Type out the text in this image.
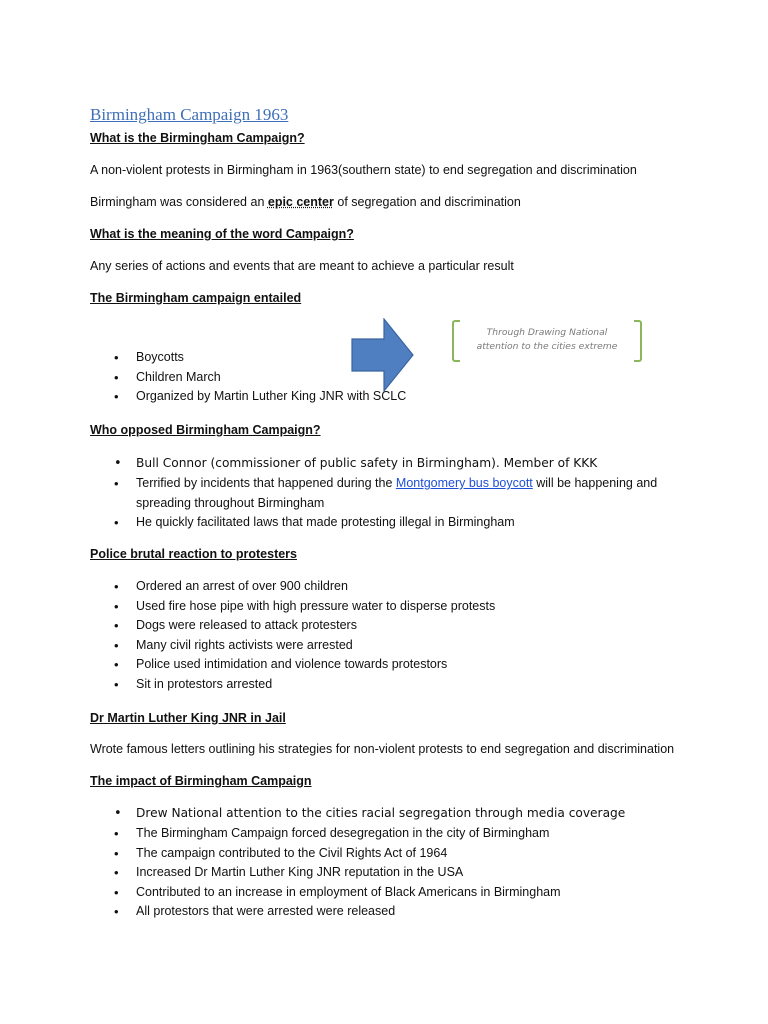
Birmingham Campaign 1963
What is the Birmingham Campaign?

A non-violent protests in Birmingham in 1963(southern state) to end segregation and discrimination

Birmingham was considered an epic center of segregation and discrimination

What is the meaning of the word Campaign?

Any series of actions and events that are meant to achieve a particular result

The Birmingham campaign entailed
• Boycotts
• Children March
• Organized by Martin Luther King JNR with SCLC
Through Drawing National attention to the cities extreme
Who opposed Birmingham Campaign?
• Bull Connor (commissioner of public safety in Birmingham). Member of KKK
• Terrified by incidents that happened during the Montgomery bus boycott will be happening and spreading throughout Birmingham
• He quickly facilitated laws that made protesting illegal in Birmingham
Police brutal reaction to protesters
• Ordered an arrest of over 900 children
• Used fire hose pipe with high pressure water to disperse protests
• Dogs were released to attack protesters
• Many civil rights activists were arrested
• Police used intimidation and violence towards protestors
• Sit in protestors arrested
Dr Martin Luther King JNR in Jail

Wrote famous letters outlining his strategies for non-violent protests to end segregation and discrimination

The impact of Birmingham Campaign
• Drew National attention to the cities racial segregation through media coverage
• The Birmingham Campaign forced desegregation in the city of Birmingham
• The campaign contributed to the Civil Rights Act of 1964
• Increased Dr Martin Luther King JNR reputation in the USA
• Contributed to an increase in employment of Black Americans in Birmingham
• All protestors that were arrested were released
